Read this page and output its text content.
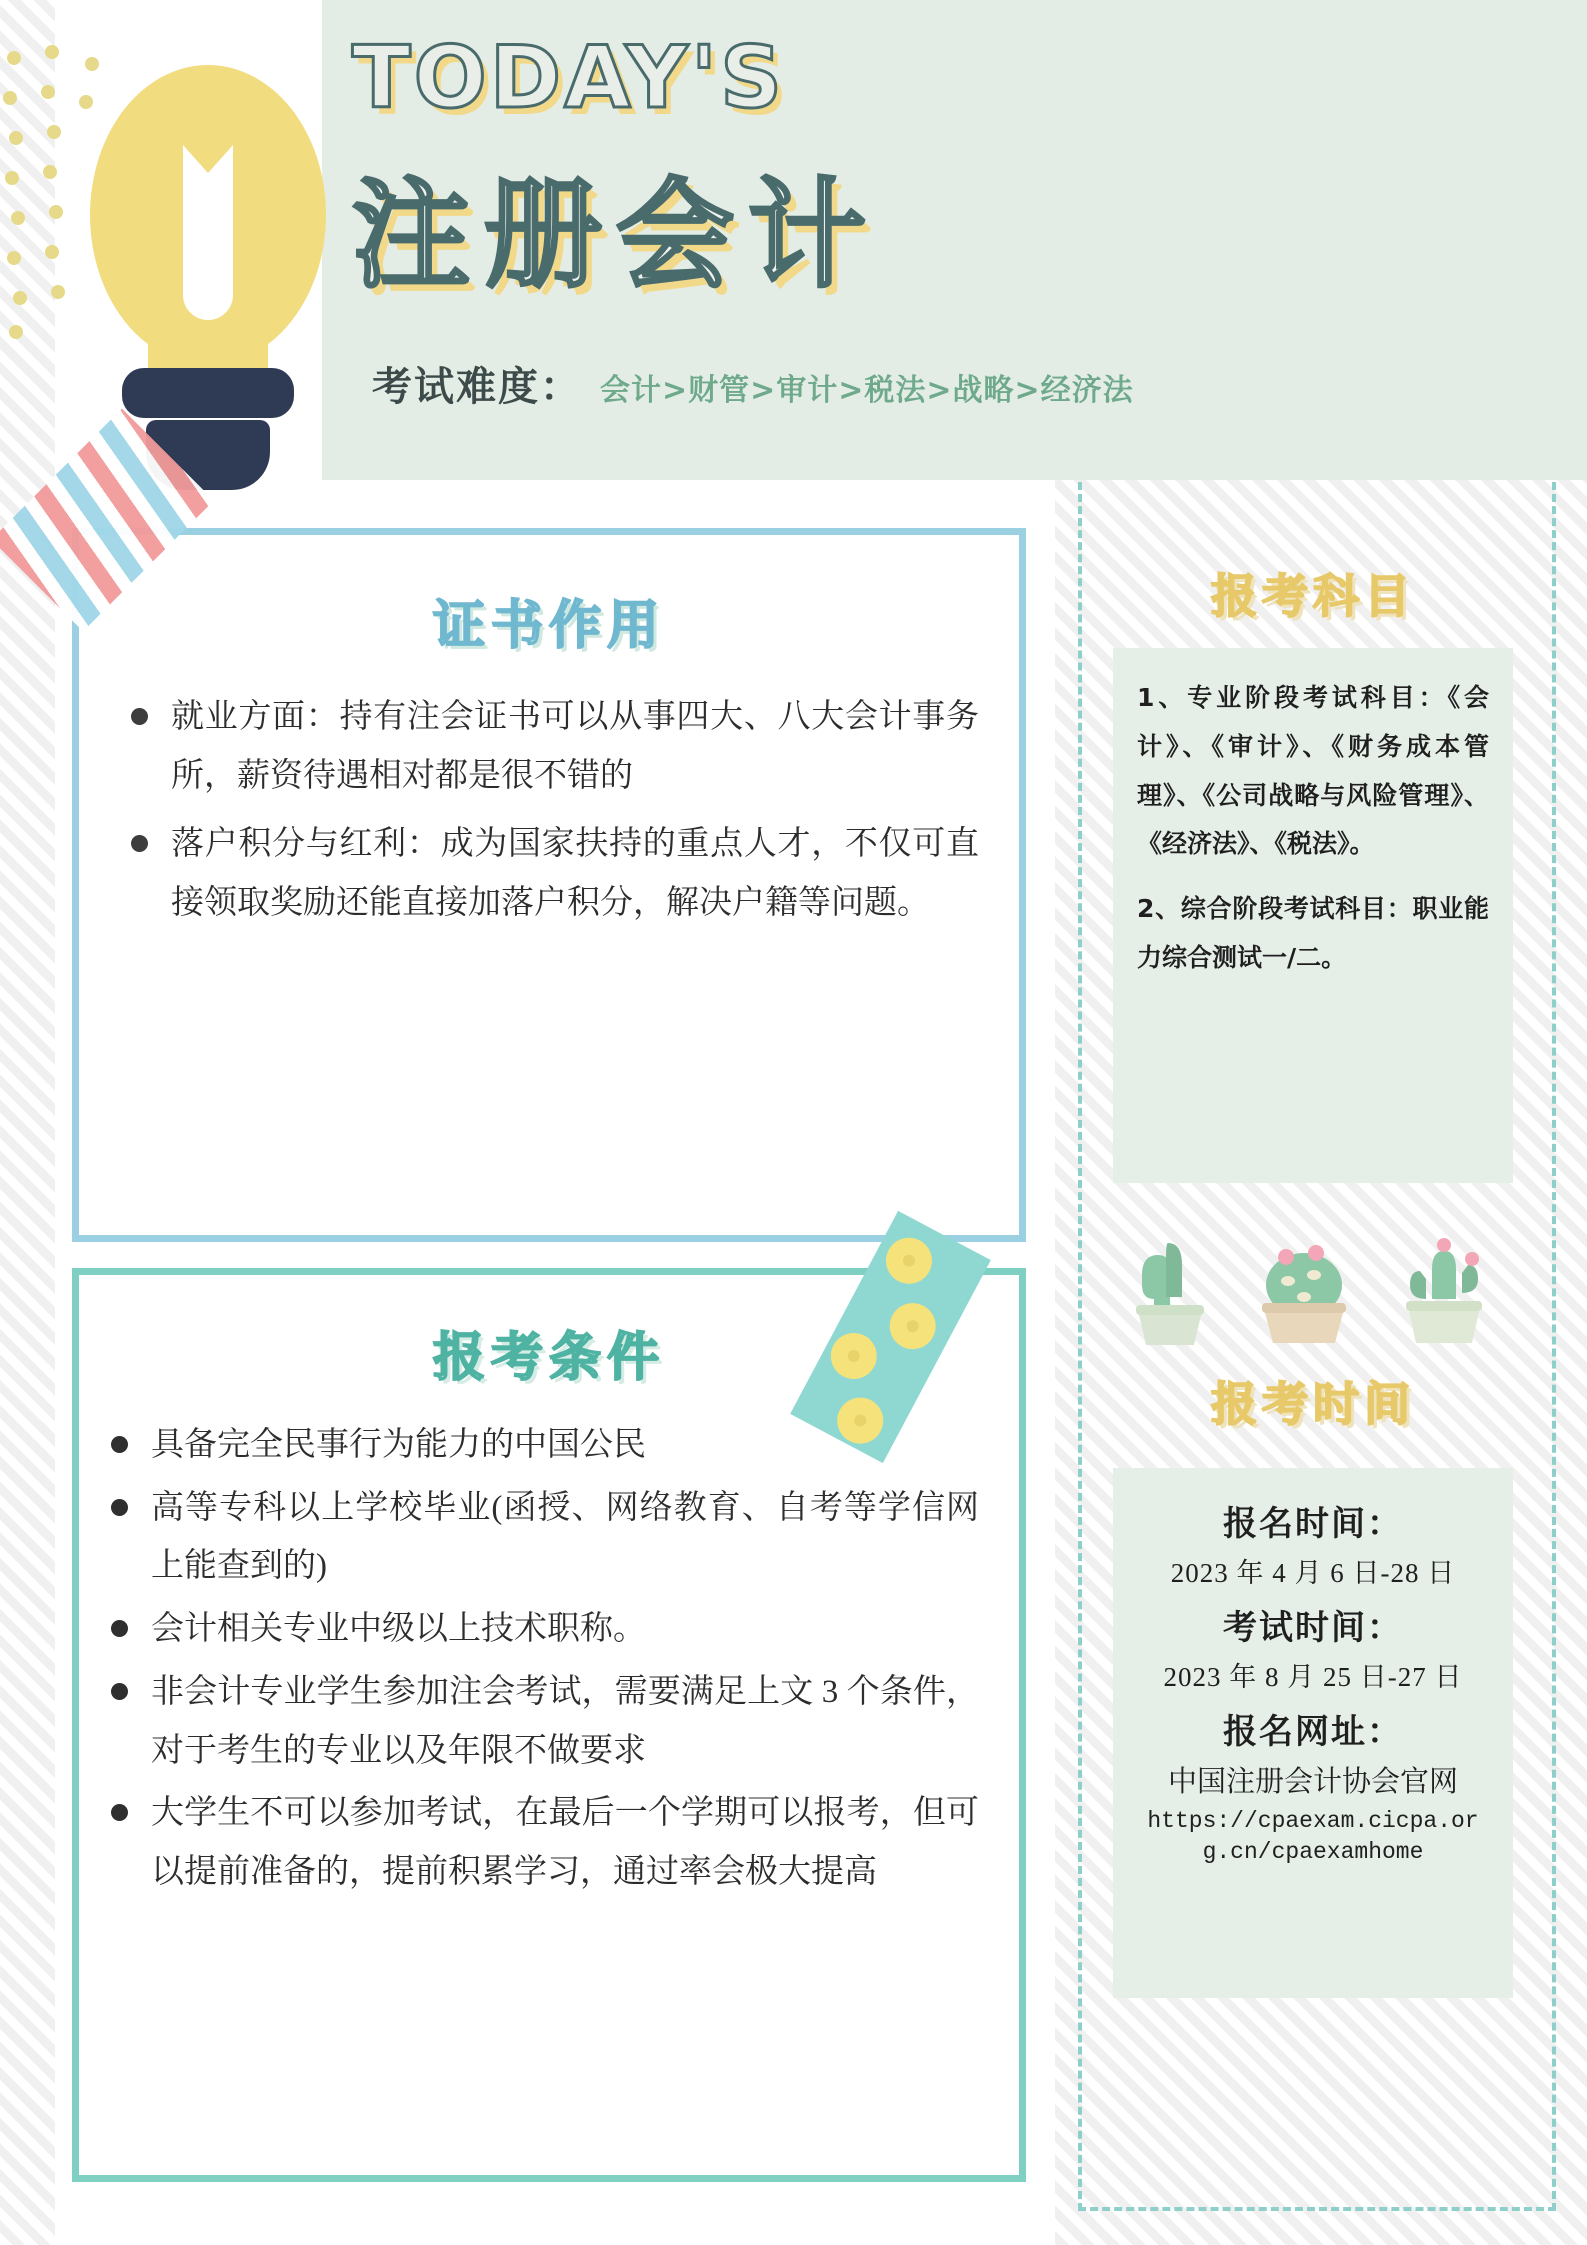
TODAY'S
注册会计
考试难度： 会计>财管>审计>税法>战略>经济法
证书作用
就业方面：持有注会证书可以从事四大、八大会计事务所，薪资待遇相对都是很不错的
落户积分与红利：成为国家扶持的重点人才，不仅可直接领取奖励还能直接加落户积分，解决户籍等问题。
报考条件
具备完全民事行为能力的中国公民
高等专科以上学校毕业(函授、网络教育、自考等学信网上能查到的)
会计相关专业中级以上技术职称。
非会计专业学生参加注会考试，需要满足上文 3 个条件，对于考生的专业以及年限不做要求
大学生不可以参加考试，在最后一个学期可以报考，但可以提前准备的，提前积累学习，通过率会极大提高
报考科目

1、专业阶段考试科目：《会计》、《审计》、《财务成本管理》、《公司战略与风险管理》、《经济法》、《税法》。

2、综合阶段考试科目：职业能力综合测试一/二。

报考时间
报名时间：
2023 年 4 月 6 日-28 日
考试时间：
2023 年 8 月 25 日-27 日
报名网址：
中国注册会计协会官网
https://cpaexam.cicpa.org.cn/cpaexamhome
